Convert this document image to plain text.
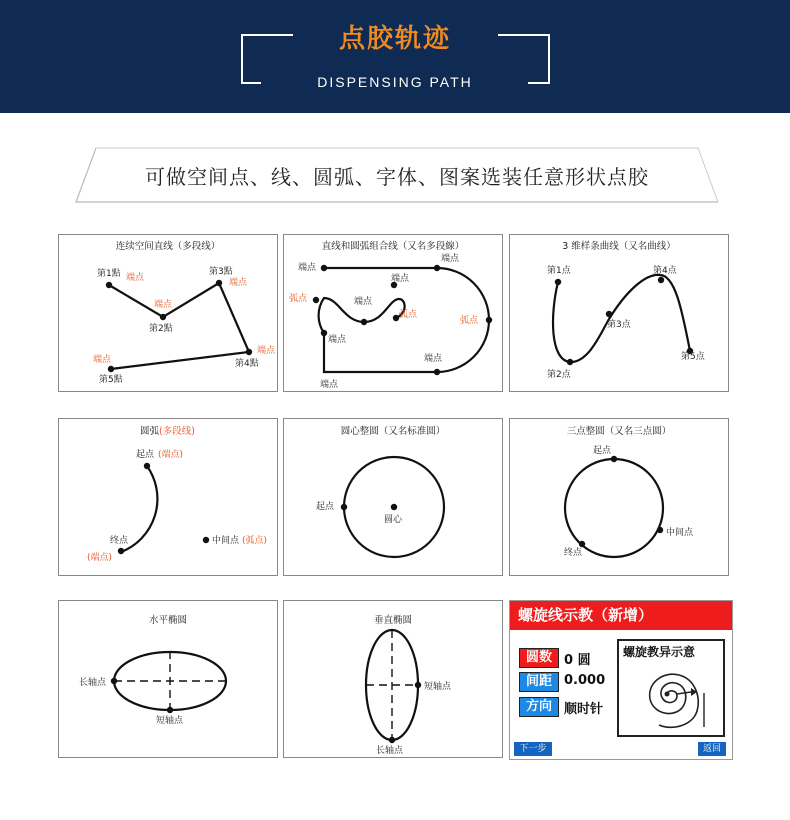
点胶轨迹
DISPENSING PATH
可做空间点、线、圆弧、字体、图案选装任意形状点胶
连续空间直线（多段线）
第1點 端点
端点
第2點
第3點
端点
端点
第4點
端点
第5點
直线和圆弧组合线（又名多段線）
端点
端点
端点
弧点	端点
弧点
弧点
端点
端点
端点
3 维样条曲线（又名曲线）
第1点
第2点
第3点
第4点
第5点
圆弧(多段线)
起点 (端点)
中间点 (弧点)
终点
(端点)
圆心整圆（又名标准圆）
起点
圆心
三点整圆（又名三点圆）
起点
中间点
终点
水平椭圆
长轴点
短轴点
垂直椭圆
短轴点
长轴点
螺旋线示教（新增）
圆数 0 圆
间距 0.000
方向 顺时针
螺旋教异示意
下一步	返回
